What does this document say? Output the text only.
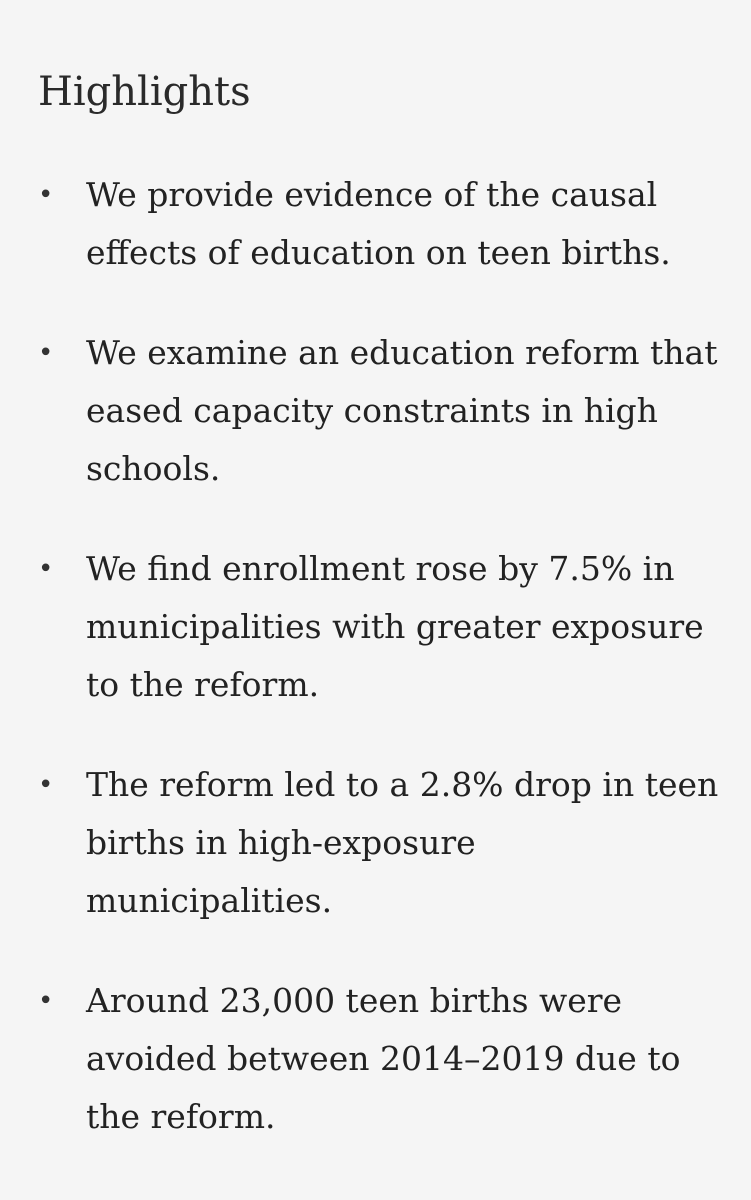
Highlights
• We provide evidence of the causal effects of education on teen births.
• We examine an education reform that eased capacity constraints in high schools.
• We find enrollment rose by 7.5% in municipalities with greater exposure to the reform.
• The reform led to a 2.8% drop in teen births in high-exposure municipalities.
• Around 23,000 teen births were avoided between 2014–2019 due to the reform.
